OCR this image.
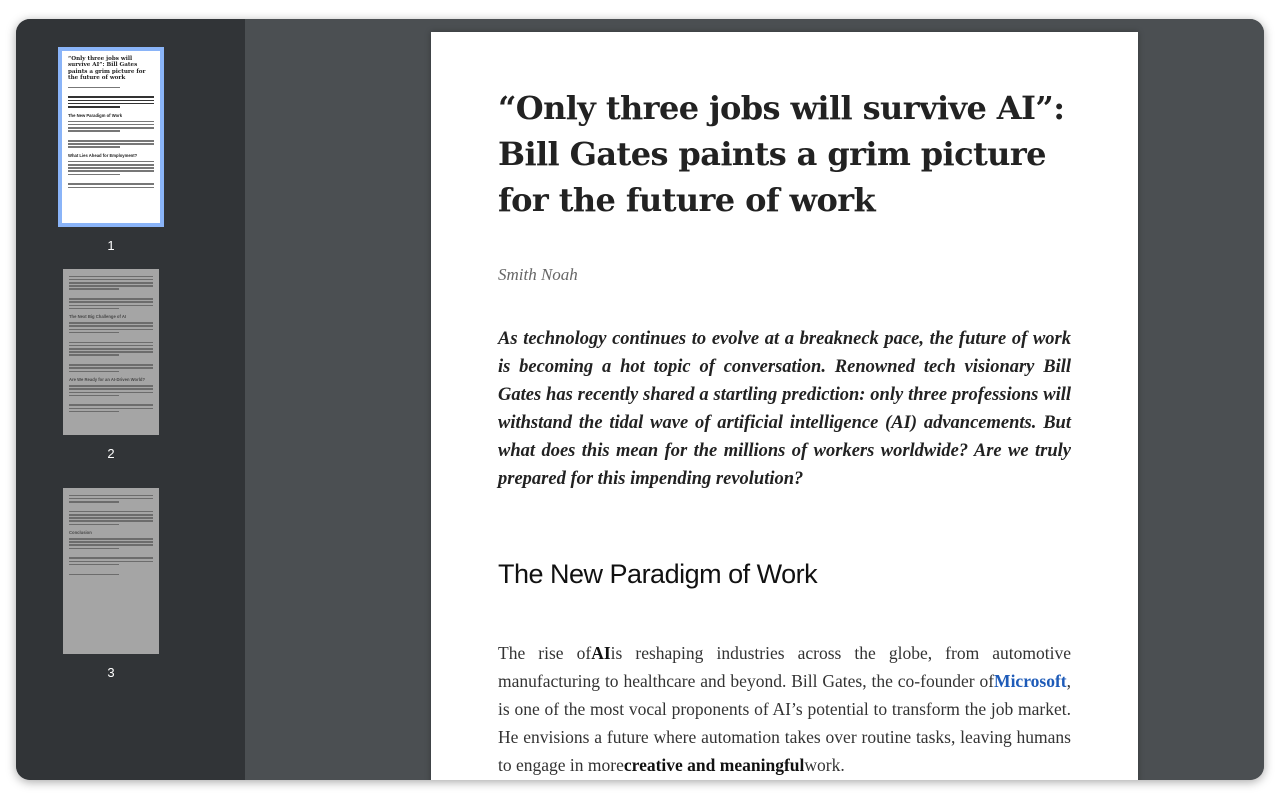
“Only three jobs will survive AI”: Bill Gates paints a grim picture for the future of work
The New Paradigm of Work
What Lies Ahead for Employment?
1
2
3
“Only three jobs will survive AI”: Bill Gates paints a grim picture for the future of work
Smith Noah

As technology continues to evolve at a breakneck pace, the future of work is becoming a hot topic of conversation. Renowned tech visionary Bill Gates has recently shared a startling prediction: only three professions will withstand the tidal wave of artificial intelligence (AI) advancements. But what does this mean for the millions of workers worldwide? Are we truly prepared for this impending revolution?

The New Paradigm of Work

The rise ofAIis reshaping industries across the globe, from automotive manufacturing to healthcare and beyond. Bill Gates, the co-founder ofMicrosoft, is one of the most vocal proponents of AI’s potential to transform the job market. He envisions a future where automation takes over routine tasks, leaving humans to engage in morecreative and meaningfulwork.
